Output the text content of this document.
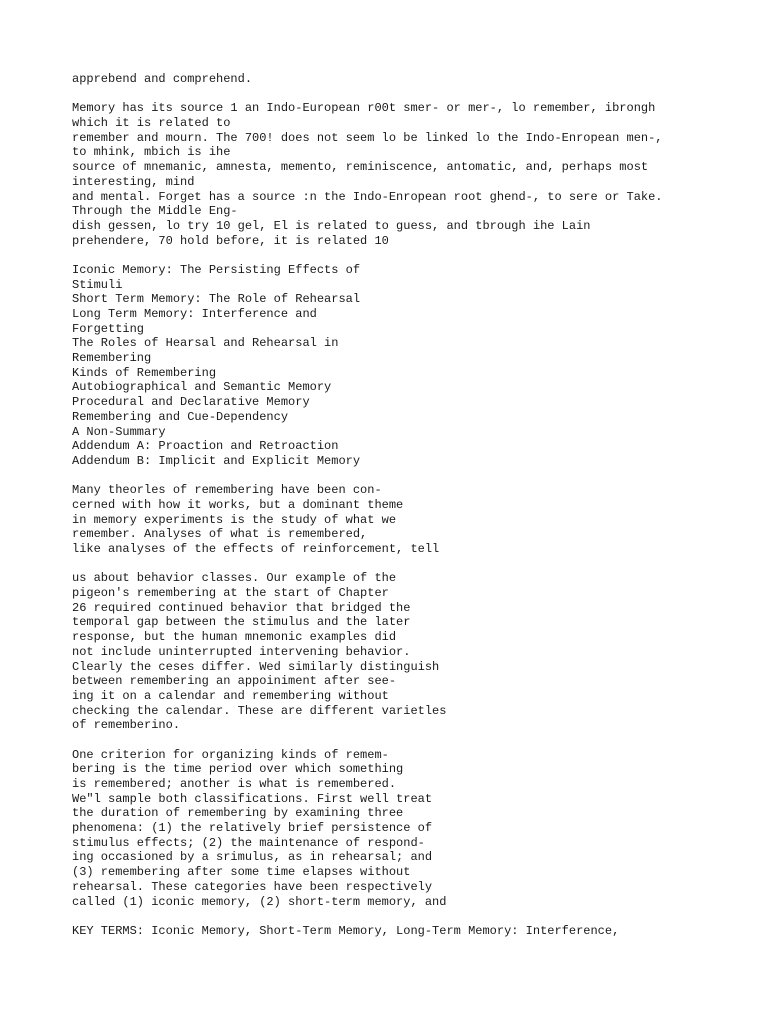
apprebend and comprehend.
Memory has its source 1 an Indo-European r00t smer- or mer-, lo remember, ibrongh
which it is related to
remember and mourn. The 700! does not seem lo be linked lo the Indo-Enropean men-,
to mhink, mbich is ihe
source of mnemanic, amnesta, memento, reminiscence, antomatic, and, perhaps most
interesting, mind
and mental. Forget has a source :n the Indo-Enropean root ghend-, to sere or Take.
Through the Middle Eng-
dish gessen, lo try 10 gel, El is related to guess, and tbrough ihe Lain
prehendere, 70 hold before, it is related 10
Iconic Memory: The Persisting Effects of
Stimuli
Short Term Memory: The Role of Rehearsal
Long Term Memory: Interference and
Forgetting
The Roles of Hearsal and Rehearsal in
Remembering
Kinds of Remembering
Autobiographical and Semantic Memory
Procedural and Declarative Memory
Remembering and Cue-Dependency
A Non-Summary
Addendum A: Proaction and Retroaction
Addendum B: Implicit and Explicit Memory
Many theorles of remembering have been con-
cerned with how it works, but a dominant theme
in memory experiments is the study of what we
remember. Analyses of what is remembered,
like analyses of the effects of reinforcement, tell
us about behavior classes. Our example of the
pigeon's remembering at the start of Chapter
26 required continued behavior that bridged the
temporal gap between the stimulus and the later
response, but the human mnemonic examples did
not include uninterrupted intervening behavior.
Clearly the ceses differ. Wed similarly distinguish
between remembering an appoiniment after see-
ing it on a calendar and remembering without
checking the calendar. These are different varietles
of rememberino.
One criterion for organizing kinds of remem-
bering is the time period over which something
is remembered; another is what is remembered.
We"l sample both classifications. First well treat
the duration of remembering by examining three
phenomena: (1) the relatively brief persistence of
stimulus effects; (2) the maintenance of respond-
ing occasioned by a srimulus, as in rehearsal; and
(3) remembering after some time elapses without
rehearsal. These categories have been respectively
called (1) iconic memory, (2) short-term memory, and
KEY TERMS: Iconic Memory, Short-Term Memory, Long-Term Memory: Interference,
